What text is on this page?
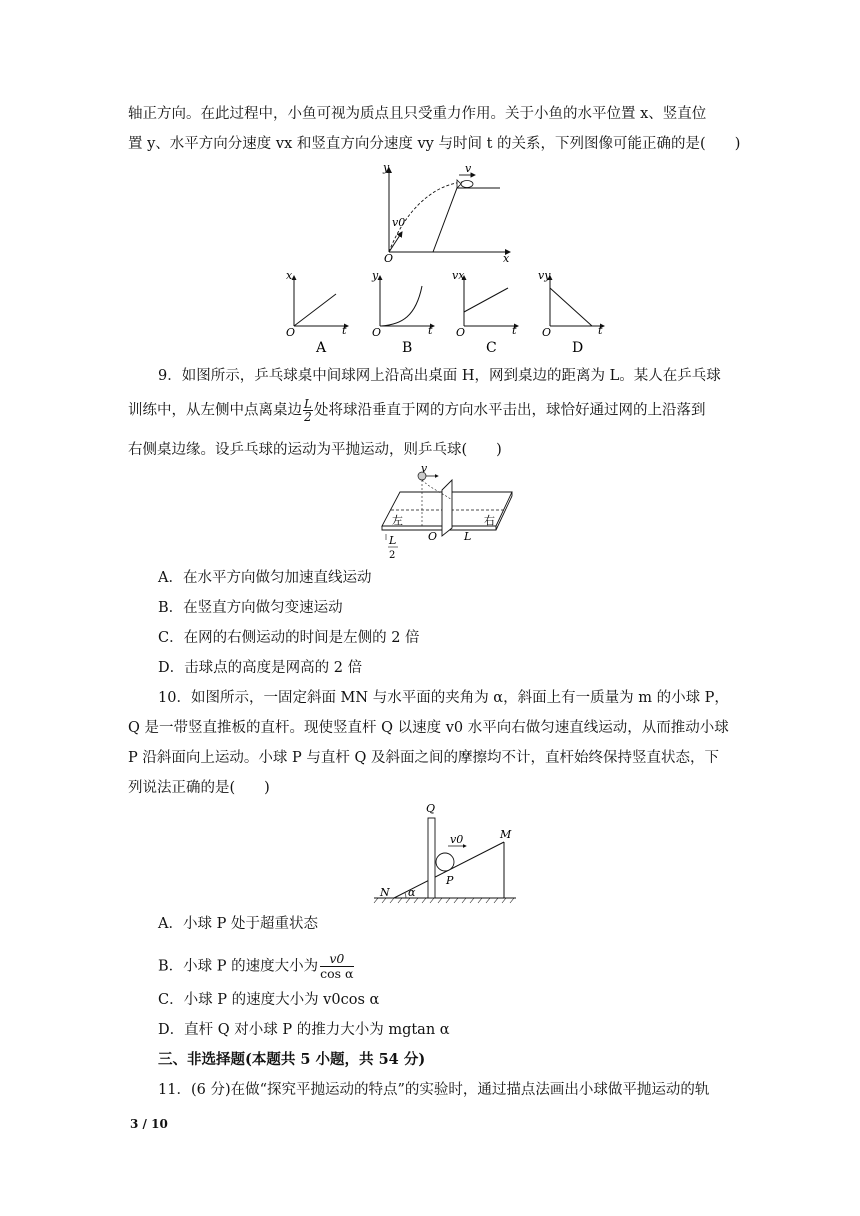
轴正方向。在此过程中，小鱼可视为质点且只受重力作用。关于小鱼的水平位置 x、竖直位
置 y、水平方向分速度 vx 和竖直方向分速度 vy 与时间 t 的关系，下列图像可能正确的是(　　)
y
x
O
v
v0
x
t
O
A
y
t
O
B
vx
t
O
C
vy
t
O
D
9．如图所示，乒乓球桌中间球网上沿高出桌面 H，网到桌边的距离为 L。某人在乒乓球
训练中，从左侧中点离桌边 $\frac{L}{2}$ 处将球沿垂直于网的方向水平击出，球恰好通过网的上沿落到
右侧桌边缘。设乒乓球的运动为平抛运动，则乒乓球(　　)
v
左	右
O L
L
2
A．在水平方向做匀加速直线运动
B．在竖直方向做匀变速运动
C．在网的右侧运动的时间是左侧的 2 倍
D．击球点的高度是网高的 2 倍
10．如图所示，一固定斜面 MN 与水平面的夹角为 α，斜面上有一质量为 m 的小球 P，
Q 是一带竖直推板的直杆。现使竖直杆 Q 以速度 v0 水平向右做匀速直线运动，从而推动小球
P 沿斜面向上运动。小球 P 与直杆 Q 及斜面之间的摩擦均不计，直杆始终保持竖直状态，下
列说法正确的是(　　)
Q
M
N
P
α
v0
A．小球 P 处于超重状态
B．小球 P 的速度大小为 $\frac{v0}{\text{cos α}}$
C．小球 P 的速度大小为 v0cos α
D．直杆 Q 对小球 P 的推力大小为 mgtan α
三、非选择题(本题共 5 小题，共 54 分)
11．(6 分)在做“探究平抛运动的特点”的实验时，通过描点法画出小球做平抛运动的轨
3 / 10
